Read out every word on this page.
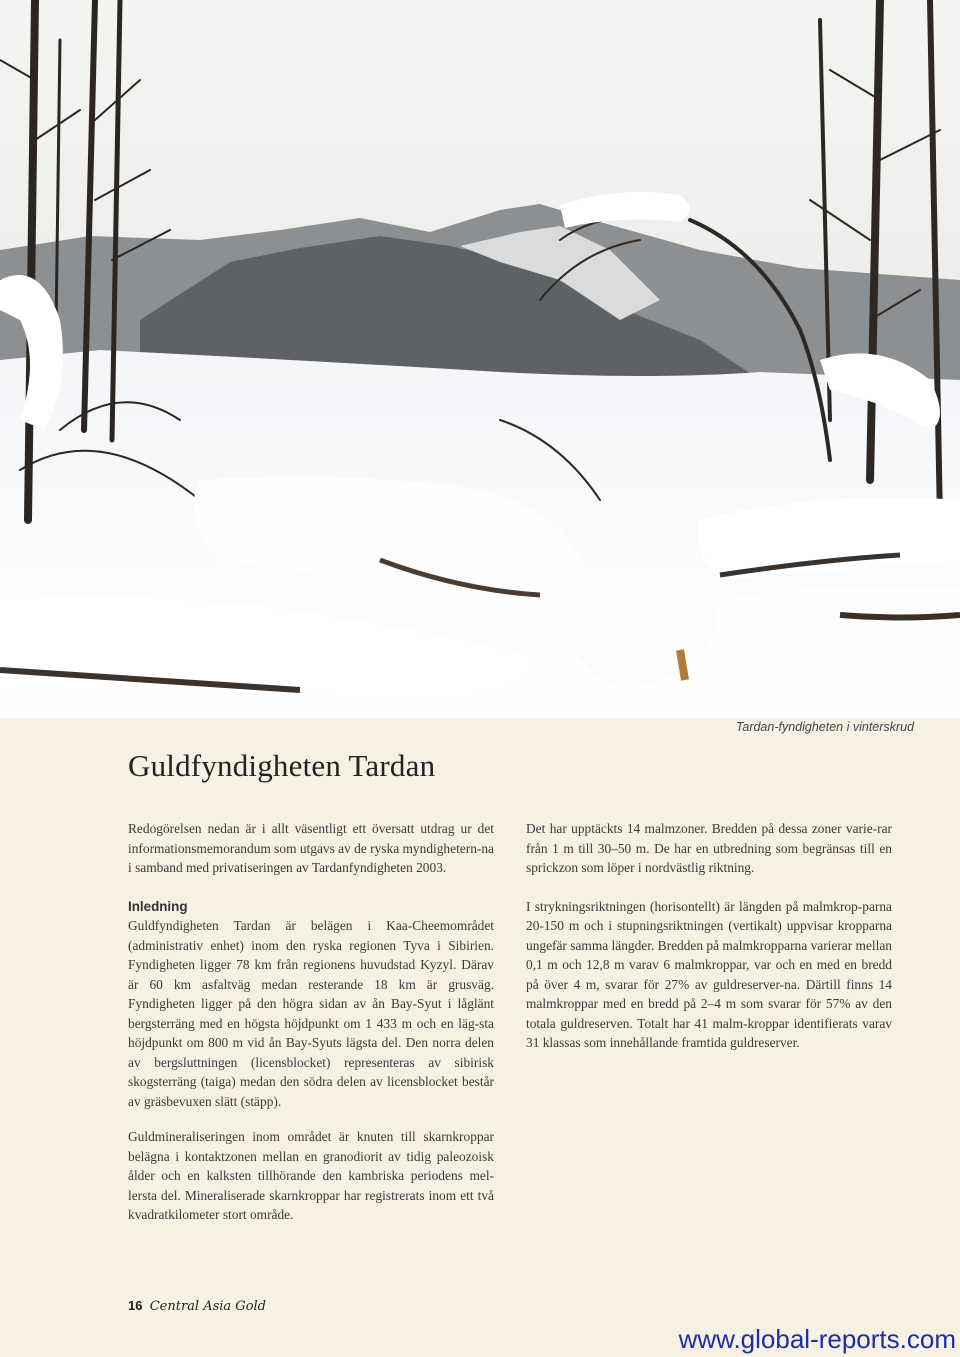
Tardan-fyndigheten i vinterskrud
Guldfyndigheten Tardan

Redogörelsen nedan är i allt väsentligt ett översatt utdrag ur det informationsmemorandum som utgavs av de ryska myndighetern-na i samband med privatiseringen av Tardanfyndigheten 2003.

Inledning

Guldfyndigheten Tardan är belägen i Kaa-Cheemområdet (administrativ enhet) inom den ryska regionen Tyva i Sibirien. Fyndigheten ligger 78 km från regionens huvudstad Kyzyl. Därav är 60 km asfaltväg medan resterande 18 km är grusväg. Fyndigheten ligger på den högra sidan av ån Bay-Syut i låglänt bergsterräng med en högsta höjdpunkt om 1 433 m och en läg-sta höjdpunkt om 800 m vid ån Bay-Syuts lägsta del. Den norra delen av bergsluttningen (licensblocket) representeras av sibirisk skogsterräng (taiga) medan den södra delen av licensblocket består av gräsbevuxen slätt (stäpp).

Det har upptäckts 14 malmzoner. Bredden på dessa zoner varie-rar från 1 m till 30–50 m. De har en utbredning som begränsas till en sprickzon som löper i nordvästlig riktning.

I strykningsriktningen (horisontellt) är längden på malmkrop-parna 20-150 m och i stupningsriktningen (vertikalt) uppvisar kropparna ungefär samma längder. Bredden på malmkropparna varierar mellan 0,1 m och 12,8 m varav 6 malmkroppar, var och en med en bredd på över 4 m, svarar för 27% av guldreserver-na. Därtill finns 14 malmkroppar med en bredd på 2–4 m som svarar för 57% av den totala guldreserven. Totalt har 41 malm-kroppar identifierats varav 31 klassas som innehållande framtida guldreserver.

Guldmineraliseringen inom området är knuten till skarnkroppar belägna i kontaktzonen mellan en granodiorit av tidig paleozoisk ålder och en kalksten tillhörande den kambriska periodens mel-lersta del. Mineraliserade skarnkroppar har registrerats inom ett två kvadratkilometer stort område.

16 Central Asia Gold
www.global-reports.com
